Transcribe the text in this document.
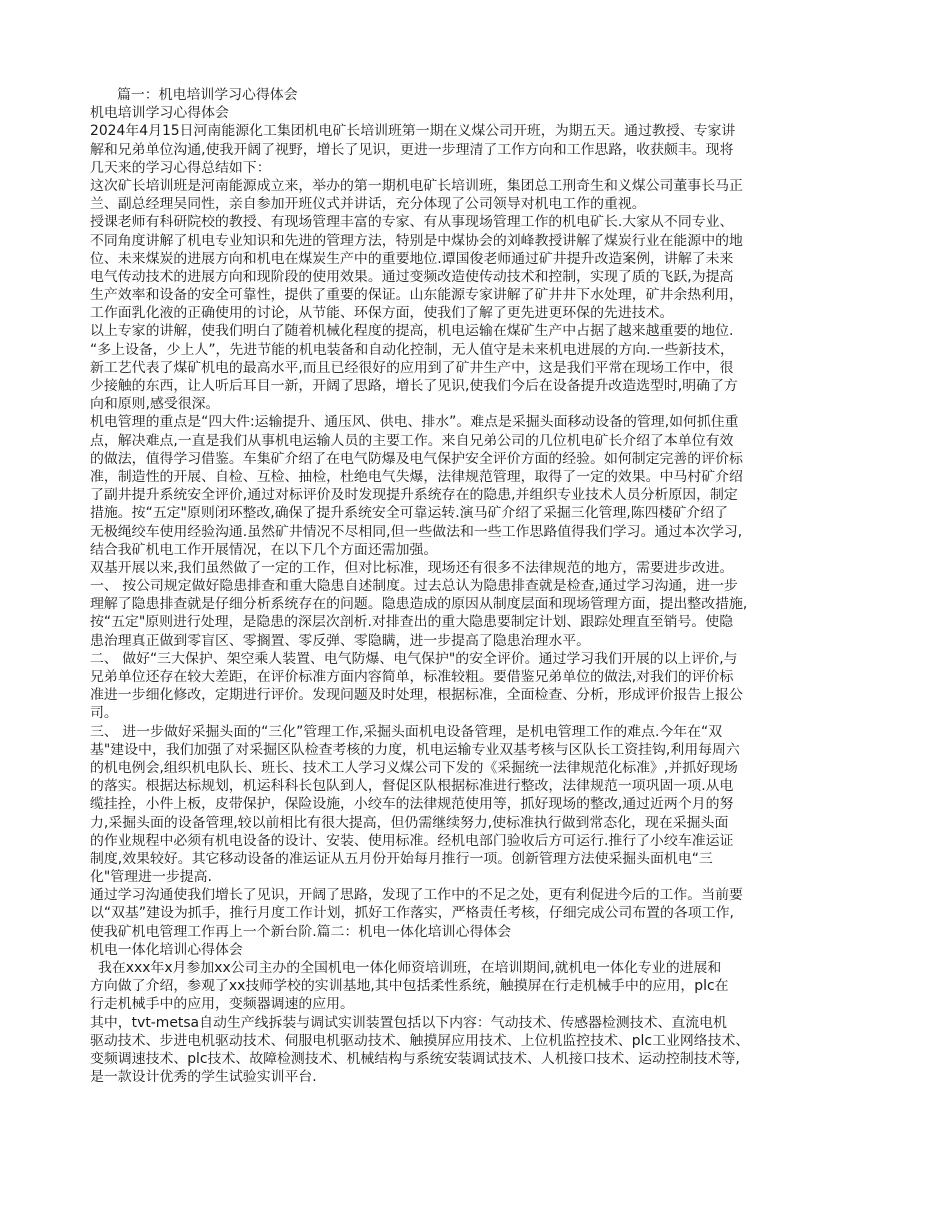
篇一：机电培训学习心得体会
机电培训学习心得体会
2024年4月15日河南能源化工集团机电矿长培训班第一期在义煤公司开班，为期五天。通过教授、专家讲
解和兄弟单位沟通,使我开阔了视野，增长了见识，更进一步理清了工作方向和工作思路，收获颇丰。现将
几天来的学习心得总结如下：
这次矿长培训班是河南能源成立来，举办的第一期机电矿长培训班，集团总工刑奇生和义煤公司董事长马正
兰、副总经理吴同性，亲自参加开班仪式并讲话，充分体现了公司领导对机电工作的重视。
授课老师有科研院校的教授、有现场管理丰富的专家、有从事现场管理工作的机电矿长.大家从不同专业、
不同角度讲解了机电专业知识和先进的管理方法，特别是中煤协会的刘峰教授讲解了煤炭行业在能源中的地
位、未来煤炭的进展方向和机电在煤炭生产中的重要地位.谭国俊老师通过矿井提升改造案例，讲解了未来
电气传动技术的进展方向和现阶段的使用效果。通过变频改造使传动技术和控制，实现了质的飞跃,为提高
生产效率和设备的安全可靠性，提供了重要的保证。山东能源专家讲解了矿井井下水处理，矿井余热利用，
工作面乳化液的正确使用的讨论，从节能、环保方面，使我们了解了更先进更环保的先进技术。
以上专家的讲解，使我们明白了随着机械化程度的提高，机电运输在煤矿生产中占据了越来越重要的地位.
“多上设备，少上人”，先进节能的机电装备和自动化控制，无人值守是未来机电进展的方向.一些新技术，
新工艺代表了煤矿机电的最高水平,而且已经很好的应用到了矿井生产中，这是我们平常在现场工作中，很
少接触的东西，让人听后耳目一新，开阔了思路，增长了见识,使我们今后在设备提升改造选型时,明确了方
向和原则,感受很深。
机电管理的重点是“四大件:运输提升、通压风、供电、排水”。难点是采掘头面移动设备的管理,如何抓住重
点，解决难点,一直是我们从事机电运输人员的主要工作。来自兄弟公司的几位机电矿长介绍了本单位有效
的做法，值得学习借鉴。车集矿介绍了在电气防爆及电气保护安全评价方面的经验。如何制定完善的评价标
准，制造性的开展、自检、互检、抽检，杜绝电气失爆，法律规范管理，取得了一定的效果。中马村矿介绍
了副井提升系统安全评价,通过对标评价及时发现提升系统存在的隐患,并组织专业技术人员分析原因，制定
措施。按“五定"原则闭环整改,确保了提升系统安全可靠运转.演马矿介绍了采掘三化管理,陈四楼矿介绍了
无极绳绞车使用经验沟通.虽然矿井情况不尽相同,但一些做法和一些工作思路值得我们学习。通过本次学习,
结合我矿机电工作开展情况，在以下几个方面还需加强。
双基开展以来,我们虽然做了一定的工作，但对比标准，现场还有很多不法律规范的地方，需要进步改进。
一、 按公司规定做好隐患排查和重大隐患自述制度。过去总认为隐患排查就是检查,通过学习沟通，进一步
理解了隐患排查就是仔细分析系统存在的问题。隐患造成的原因从制度层面和现场管理方面，提出整改措施,
按“五定"原则进行处理，是隐患的深层次剖析.对排查出的重大隐患要制定计划、跟踪处理直至销号。使隐
患治理真正做到零盲区、零搁置、零反弹、零隐瞒，进一步提高了隐患治理水平。
二、 做好“三大保护、架空乘人装置、电气防爆、电气保护"的安全评价。通过学习我们开展的以上评价,与
兄弟单位还存在较大差距，在评价标准方面内容简单，标准较粗。要借鉴兄弟单位的做法,对我们的评价标
准进一步细化修改，定期进行评价。发现问题及时处理，根据标准，全面检查、分析，形成评价报告上报公
司。
三、 进一步做好采掘头面的“三化”管理工作,采掘头面机电设备管理，是机电管理工作的难点.今年在“双
基"建设中，我们加强了对采掘区队检查考核的力度，机电运输专业双基考核与区队长工资挂钩,利用每周六
的机电例会,组织机电队长、班长、技术工人学习义煤公司下发的《采掘统一法律规范化标准》,并抓好现场
的落实。根据达标规划，机运科科长包队到人，督促区队根据标准进行整改，法律规范一项巩固一项.从电
缆挂拴，小件上板，皮带保护，保险设施，小绞车的法律规范使用等，抓好现场的整改,通过近两个月的努
力,采掘头面的设备管理,较以前相比有很大提高，但仍需继续努力,使标准执行做到常态化，现在采掘头面
的作业规程中必须有机电设备的设计、安装、使用标准。经机电部门验收后方可运行.推行了小绞车准运证
制度,效果较好。其它移动设备的准运证从五月份开始每月推行一项。创新管理方法使采掘头面机电“三
化"管理进一步提高.
通过学习沟通使我们增长了见识，开阔了思路，发现了工作中的不足之处，更有利促进今后的工作。当前要
以“双基”建设为抓手，推行月度工作计划，抓好工作落实，严格责任考核，仔细完成公司布置的各项工作,
使我矿机电管理工作再上一个新台阶.篇二：机电一体化培训心得体会
机电一体化培训心得体会
我在xxx年x月参加xx公司主办的全国机电一体化师资培训班，在培训期间,就机电一体化专业的进展和
方向做了介绍，参观了xx技师学校的实训基地,其中包括柔性系统，触摸屏在行走机械手中的应用，plc在
行走机械手中的应用，变频器调速的应用。
其中，tvt-metsa自动生产线拆装与调试实训装置包括以下内容：气动技术、传感器检测技术、直流电机
驱动技术、步进电机驱动技术、伺服电机驱动技术、触摸屏应用技术、上位机监控技术、plc工业网络技术、
变频调速技术、plc技术、故障检测技术、机械结构与系统安装调试技术、人机接口技术、运动控制技术等,
是一款设计优秀的学生试验实训平台.
